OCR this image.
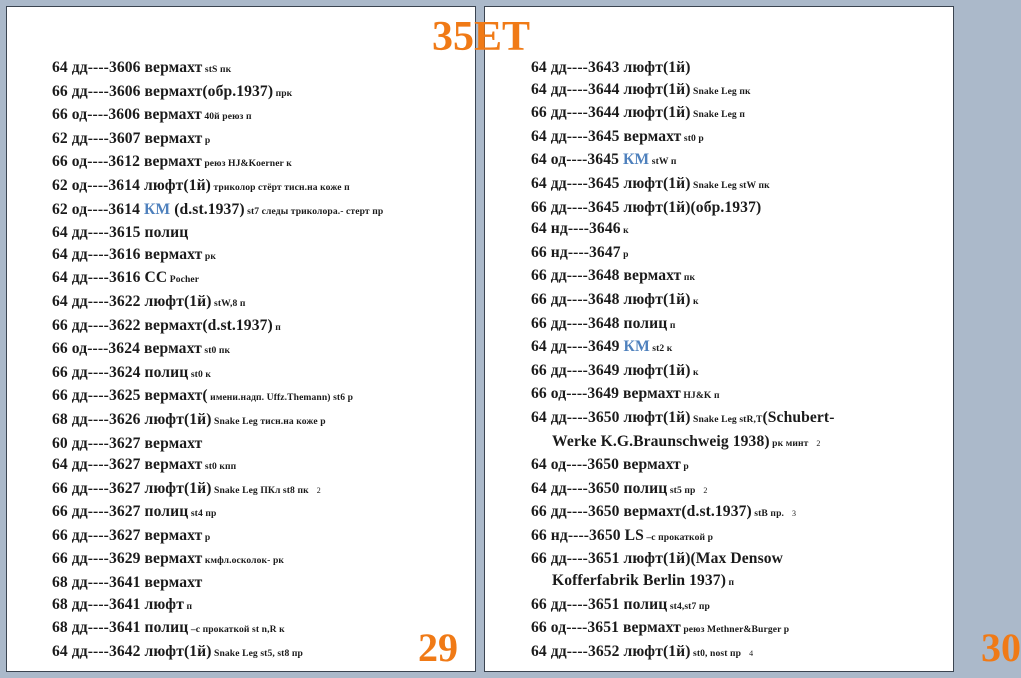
64 дд----3606 вермахт stS пк
66 дд----3606 вермахт(обр.1937) прк
66 од----3606 вермахт 40й реюз п
62 дд----3607 вермахт р
66 од----3612 вермахт реюз HJ&Koerner к
62 од----3614 люфт(1й) триколор стёрт тисн.на коже п
62 од----3614 КМ (d.st.1937) st7 следы триколора.- стерт пр
64 дд----3615 полиц
64 дд----3616 вермахт рк
64 дд----3616 СС Pocher
64 дд----3622 люфт(1й) stW,8 п
66 дд----3622 вермахт(d.st.1937) п
66 од----3624 вермахт st0 пк
66 дд----3624 полиц st0 к
66 дд----3625 вермахт( имени.надп. Uffz.Themann) st6 р
68 дд----3626 люфт(1й) Snake Leg тисн.на коже р
60 дд----3627 вермахт
64 дд----3627 вермахт st0 кпп
66 дд----3627 люфт(1й) Snake Leg ПКл st8 пк 2
66 дд----3627 полиц st4 пр
66 дд----3627 вермахт р
66 дд----3629 вермахт кмфл.осколок- рк
68 дд----3641 вермахт
68 дд----3641 люфт п
68 дд----3641 полиц –с прокаткой st n,R к
64 дд----3642 люфт(1й) Snake Leg st5, st8 пр	29
64 дд----3643 люфт(1й)
64 дд----3644 люфт(1й) Snake Leg пк
66 дд----3644 люфт(1й) Snake Leg п
64 дд----3645 вермахт st0 р
64 од----3645 КМ stW п
64 дд----3645 люфт(1й) Snake Leg stW пк
66 дд----3645 люфт(1й)(обр.1937)
64 нд----3646 к
66 нд----3647 р
66 дд----3648 вермахт пк
66 дд----3648 люфт(1й) к
66 дд----3648 полиц п
64 дд----3649 КМ st2 к
66 дд----3649 люфт(1й) к
66 од----3649 вермахт HJ&K п
64 дд----3650 люфт(1й) Snake Leg stR,T(Schubert-
Werke K.G.Braunschweig 1938) рк минт 2
64 од----3650 вермахт р
64 дд----3650 полиц st5 пр 2
66 дд----3650 вермахт(d.st.1937) stB пр. 3
66 нд----3650 LS –с прокаткой р
66 дд----3651 люфт(1й)(Max Densow
Kofferfabrik Berlin 1937) п
66 дд----3651 полиц st4,st7 пр
66 од----3651 вермахт реюз Methner&Burger р
64 дд----3652 люфт(1й) st0, nost пр 4	30
35ET
